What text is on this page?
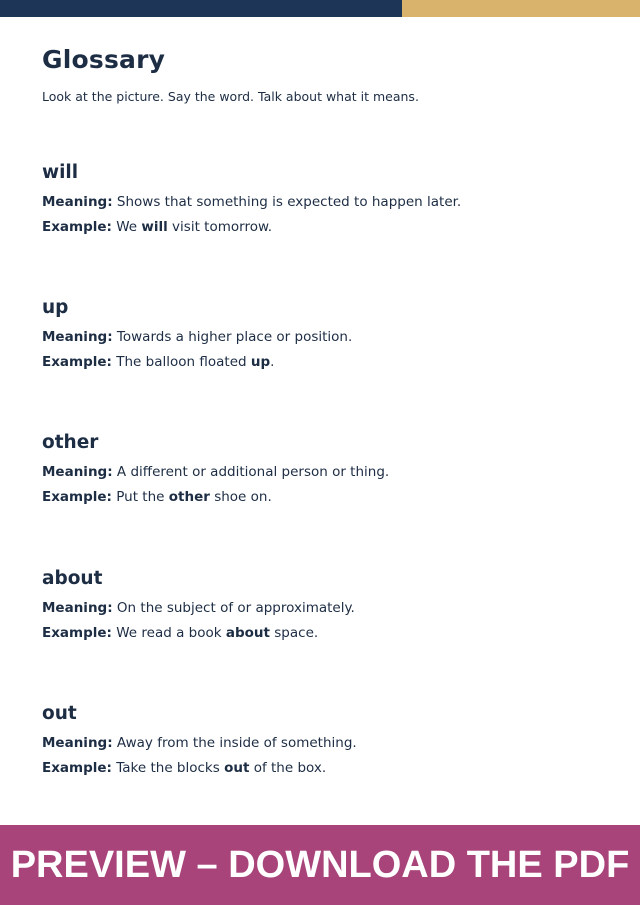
Glossary

Look at the picture. Say the word. Talk about what it means.

will

Meaning: Shows that something is expected to happen later.

Example: We will visit tomorrow.

up

Meaning: Towards a higher place or position.

Example: The balloon floated up.

other

Meaning: A different or additional person or thing.

Example: Put the other shoe on.

about

Meaning: On the subject of or approximately.

Example: We read a book about space.

out

Meaning: Away from the inside of something.

Example: Take the blocks out of the box.

PREVIEW – DOWNLOAD THE PDF
